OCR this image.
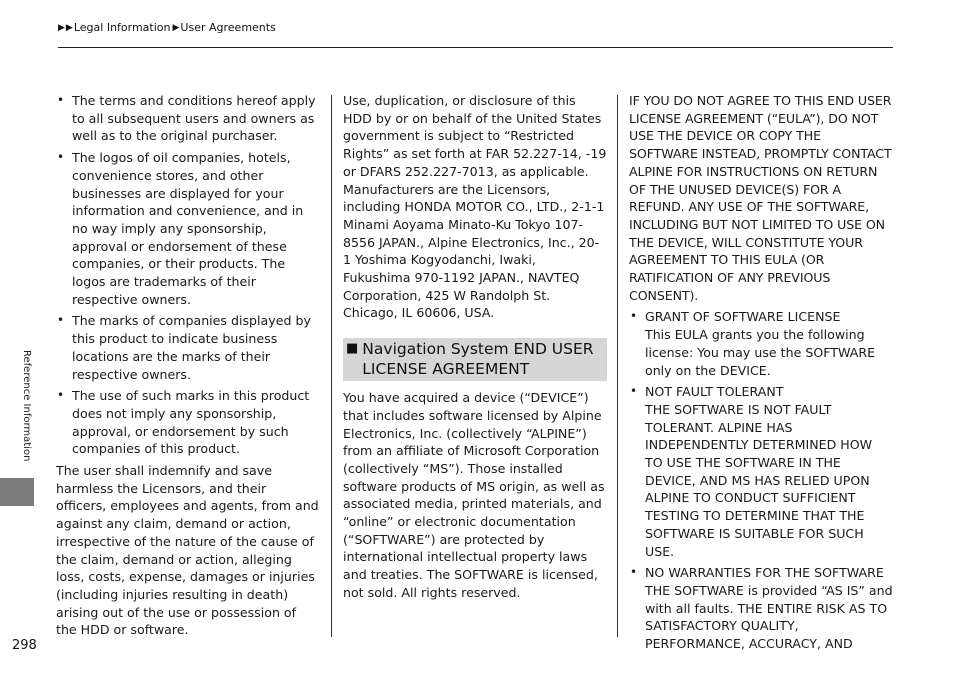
▶ ▶ Legal Information ▶ User Agreements
Reference Information
298
• The terms and conditions hereof apply to all subsequent users and owners as well as to the original purchaser.
• The logos of oil companies, hotels, convenience stores, and other businesses are displayed for your information and convenience, and in no way imply any sponsorship, approval or endorsement of these companies, or their products. The logos are trademarks of their respective owners.
• The marks of companies displayed by this product to indicate business locations are the marks of their respective owners.
• The use of such marks in this product does not imply any sponsorship, approval, or endorsement by such companies of this product.

The user shall indemnify and save harmless the Licensors, and their officers, employees and agents, from and against any claim, demand or action, irrespective of the nature of the cause of the claim, demand or action, alleging loss, costs, expense, damages or injuries (including injuries resulting in death) arising out of the use or possession of the HDD or software.

Use, duplication, or disclosure of this HDD by or on behalf of the United States government is subject to “Restricted Rights” as set forth at FAR 52.227-14, -19 or DFARS 252.227-7013, as applicable. Manufacturers are the Licensors, including HONDA MOTOR CO., LTD., 2-1-1 Minami Aoyama Minato-Ku Tokyo 107-8556 JAPAN., Alpine Electronics, Inc., 20-1 Yoshima Kogyodanchi, Iwaki, Fukushima 970-1192 JAPAN., NAVTEQ Corporation, 425 W Randolph St. Chicago, IL 60606, USA.

■ Navigation System END USER LICENSE AGREEMENT

You have acquired a device (“DEVICE”) that includes software licensed by Alpine Electronics, Inc. (collectively “ALPINE”) from an affiliate of Microsoft Corporation (collectively “MS”). Those installed software products of MS origin, as well as associated media, printed materials, and “online” or electronic documentation (“SOFTWARE”) are protected by international intellectual property laws and treaties. The SOFTWARE is licensed, not sold. All rights reserved.

IF YOU DO NOT AGREE TO THIS END USER LICENSE AGREEMENT (“EULA”), DO NOT USE THE DEVICE OR COPY THE SOFTWARE INSTEAD, PROMPTLY CONTACT ALPINE FOR INSTRUCTIONS ON RETURN OF THE UNUSED DEVICE(S) FOR A REFUND. ANY USE OF THE SOFTWARE, INCLUDING BUT NOT LIMITED TO USE ON THE DEVICE, WILL CONSTITUTE YOUR AGREEMENT TO THIS EULA (OR RATIFICATION OF ANY PREVIOUS CONSENT).

• GRANT OF SOFTWARE LICENSE
This EULA grants you the following license: You may use the SOFTWARE only on the DEVICE.
• NOT FAULT TOLERANT
THE SOFTWARE IS NOT FAULT TOLERANT. ALPINE HAS INDEPENDENTLY DETERMINED HOW TO USE THE SOFTWARE IN THE DEVICE, AND MS HAS RELIED UPON ALPINE TO CONDUCT SUFFICIENT TESTING TO DETERMINE THAT THE SOFTWARE IS SUITABLE FOR SUCH USE.
• NO WARRANTIES FOR THE SOFTWARE
THE SOFTWARE is provided “AS IS” and with all faults. THE ENTIRE RISK AS TO SATISFACTORY QUALITY, PERFORMANCE, ACCURACY, AND
